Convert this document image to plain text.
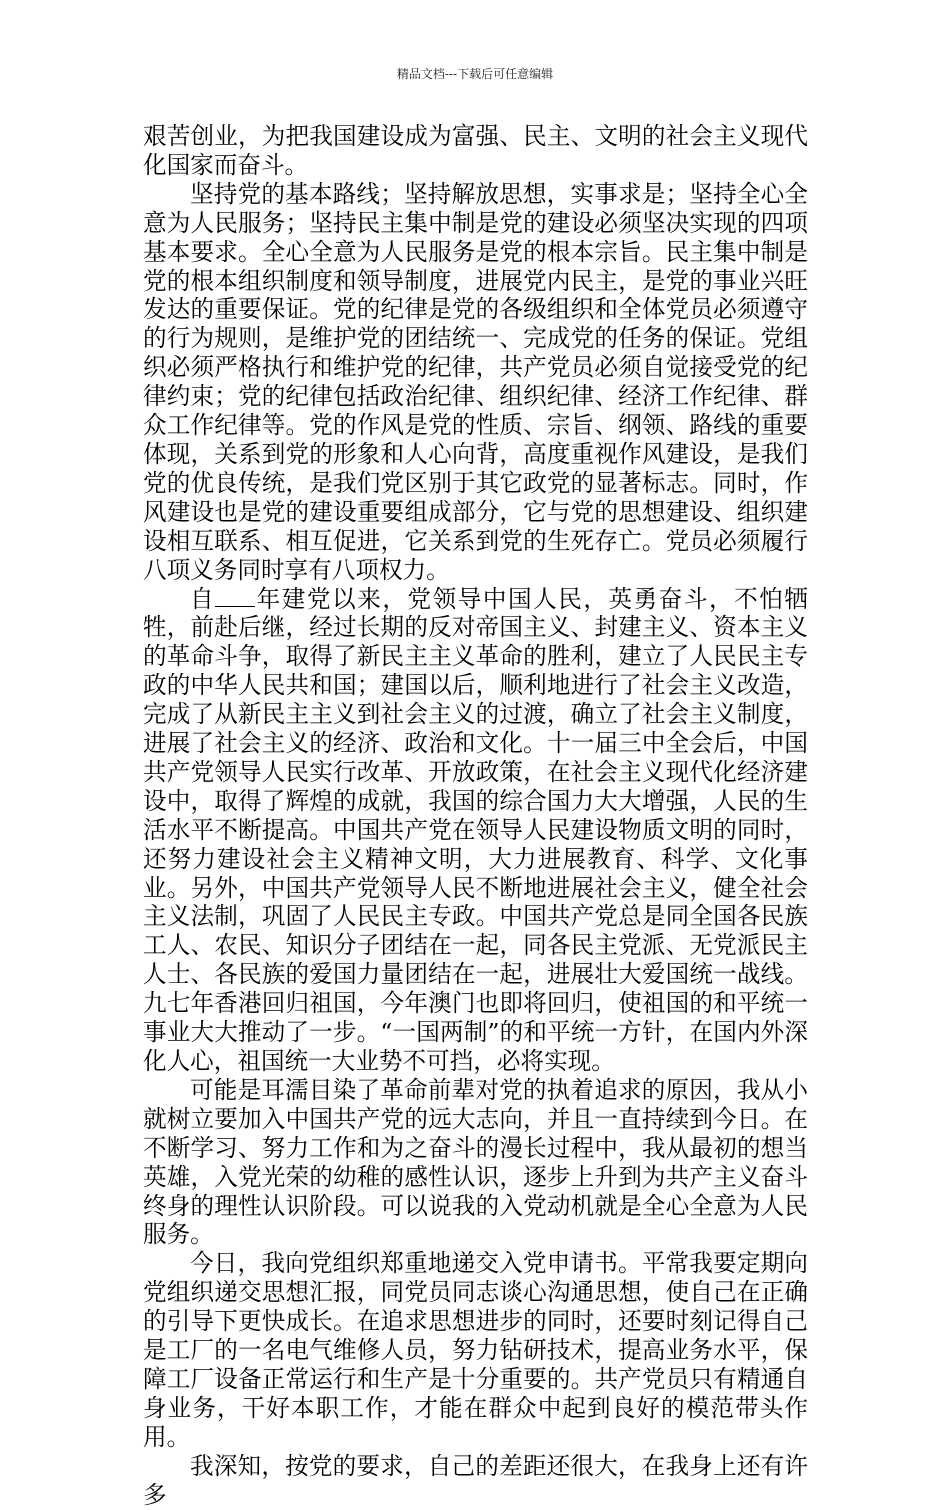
精品文档---下载后可任意编辑

艰苦创业，为把我国建设成为富强、民主、文明的社会主义现代化国家而奋斗。

坚持党的基本路线；坚持解放思想，实事求是；坚持全心全意为人民服务；坚持民主集中制是党的建设必须坚决实现的四项基本要求。全心全意为人民服务是党的根本宗旨。民主集中制是党的根本组织制度和领导制度，进展党内民主，是党的事业兴旺发达的重要保证。党的纪律是党的各级组织和全体党员必须遵守的行为规则，是维护党的团结统一、完成党的任务的保证。党组织必须严格执行和维护党的纪律，共产党员必须自觉接受党的纪律约束；党的纪律包括政治纪律、组织纪律、经济工作纪律、群众工作纪律等。党的作风是党的性质、宗旨、纲领、路线的重要体现，关系到党的形象和人心向背，高度重视作风建设，是我们党的优良传统，是我们党区别于其它政党的显著标志。同时，作风建设也是党的建设重要组成部分，它与党的思想建设、组织建设相互联系、相互促进，它关系到党的生死存亡。党员必须履行八项义务同时享有八项权力。

自 年建党以来，党领导中国人民，英勇奋斗，不怕牺牲，前赴后继，经过长期的反对帝国主义、封建主义、资本主义的革命斗争，取得了新民主主义革命的胜利，建立了人民民主专政的中华人民共和国；建国以后，顺利地进行了社会主义改造，完成了从新民主主义到社会主义的过渡，确立了社会主义制度，进展了社会主义的经济、政治和文化。十一届三中全会后，中国共产党领导人民实行改革、开放政策，在社会主义现代化经济建设中，取得了辉煌的成就，我国的综合国力大大增强，人民的生活水平不断提高。中国共产党在领导人民建设物质文明的同时，还努力建设社会主义精神文明，大力进展教育、科学、文化事业。另外，中国共产党领导人民不断地进展社会主义，健全社会主义法制，巩固了人民民主专政。中国共产党总是同全国各民族工人、农民、知识分子团结在一起，同各民主党派、无党派民主人士、各民族的爱国力量团结在一起，进展壮大爱国统一战线。九七年香港回归祖国，今年澳门也即将回归，使祖国的和平统一事业大大推动了一步。“一国两制”的和平统一方针，在国内外深化人心，祖国统一大业势不可挡，必将实现。

可能是耳濡目染了革命前辈对党的执着追求的原因，我从小就树立要加入中国共产党的远大志向，并且一直持续到今日。在不断学习、努力工作和为之奋斗的漫长过程中，我从最初的想当英雄，入党光荣的幼稚的感性认识，逐步上升到为共产主义奋斗终身的理性认识阶段。可以说我的入党动机就是全心全意为人民服务。

今日，我向党组织郑重地递交入党申请书。平常我要定期向党组织递交思想汇报，同党员同志谈心沟通思想，使自己在正确的引导下更快成长。在追求思想进步的同时，还要时刻记得自己是工厂的一名电气维修人员，努力钻研技术，提高业务水平，保障工厂设备正常运行和生产是十分重要的。共产党员只有精通自身业务，干好本职工作，才能在群众中起到良好的模范带头作用。

我深知，按党的要求，自己的差距还很大，在我身上还有许多
